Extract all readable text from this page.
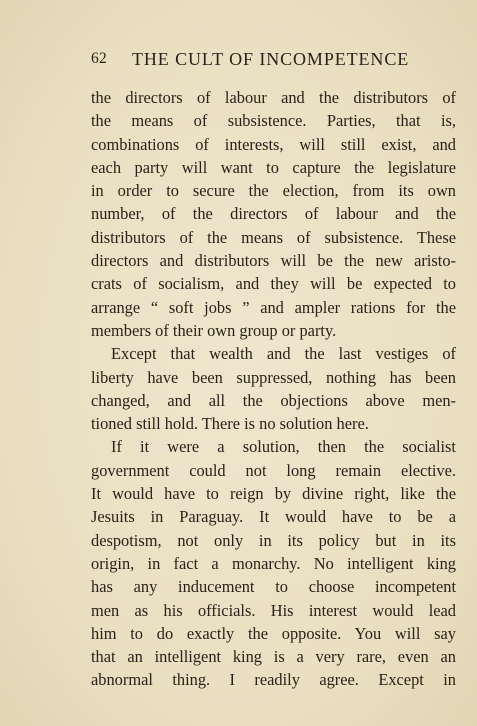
62 THE CULT OF INCOMPETENCE
the directors of labour and the distributors of
the means of subsistence. Parties, that is,
combinations of interests, will still exist, and
each party will want to capture the legislature
in order to secure the election, from its own
number, of the directors of labour and the
distributors of the means of subsistence. These
directors and distributors will be the new aristo-
crats of socialism, and they will be expected to
arrange “ soft jobs ” and ampler rations for the
members of their own group or party.
Except that wealth and the last vestiges of
liberty have been suppressed, nothing has been
changed, and all the objections above men-
tioned still hold. There is no solution here.
If it were a solution, then the socialist
government could not long remain elective.
It would have to reign by divine right, like the
Jesuits in Paraguay. It would have to be a
despotism, not only in its policy but in its
origin, in fact a monarchy. No intelligent king
has any inducement to choose incompetent
men as his officials. His interest would lead
him to do exactly the opposite. You will say
that an intelligent king is a very rare, even an
abnormal thing. I readily agree. Except in
